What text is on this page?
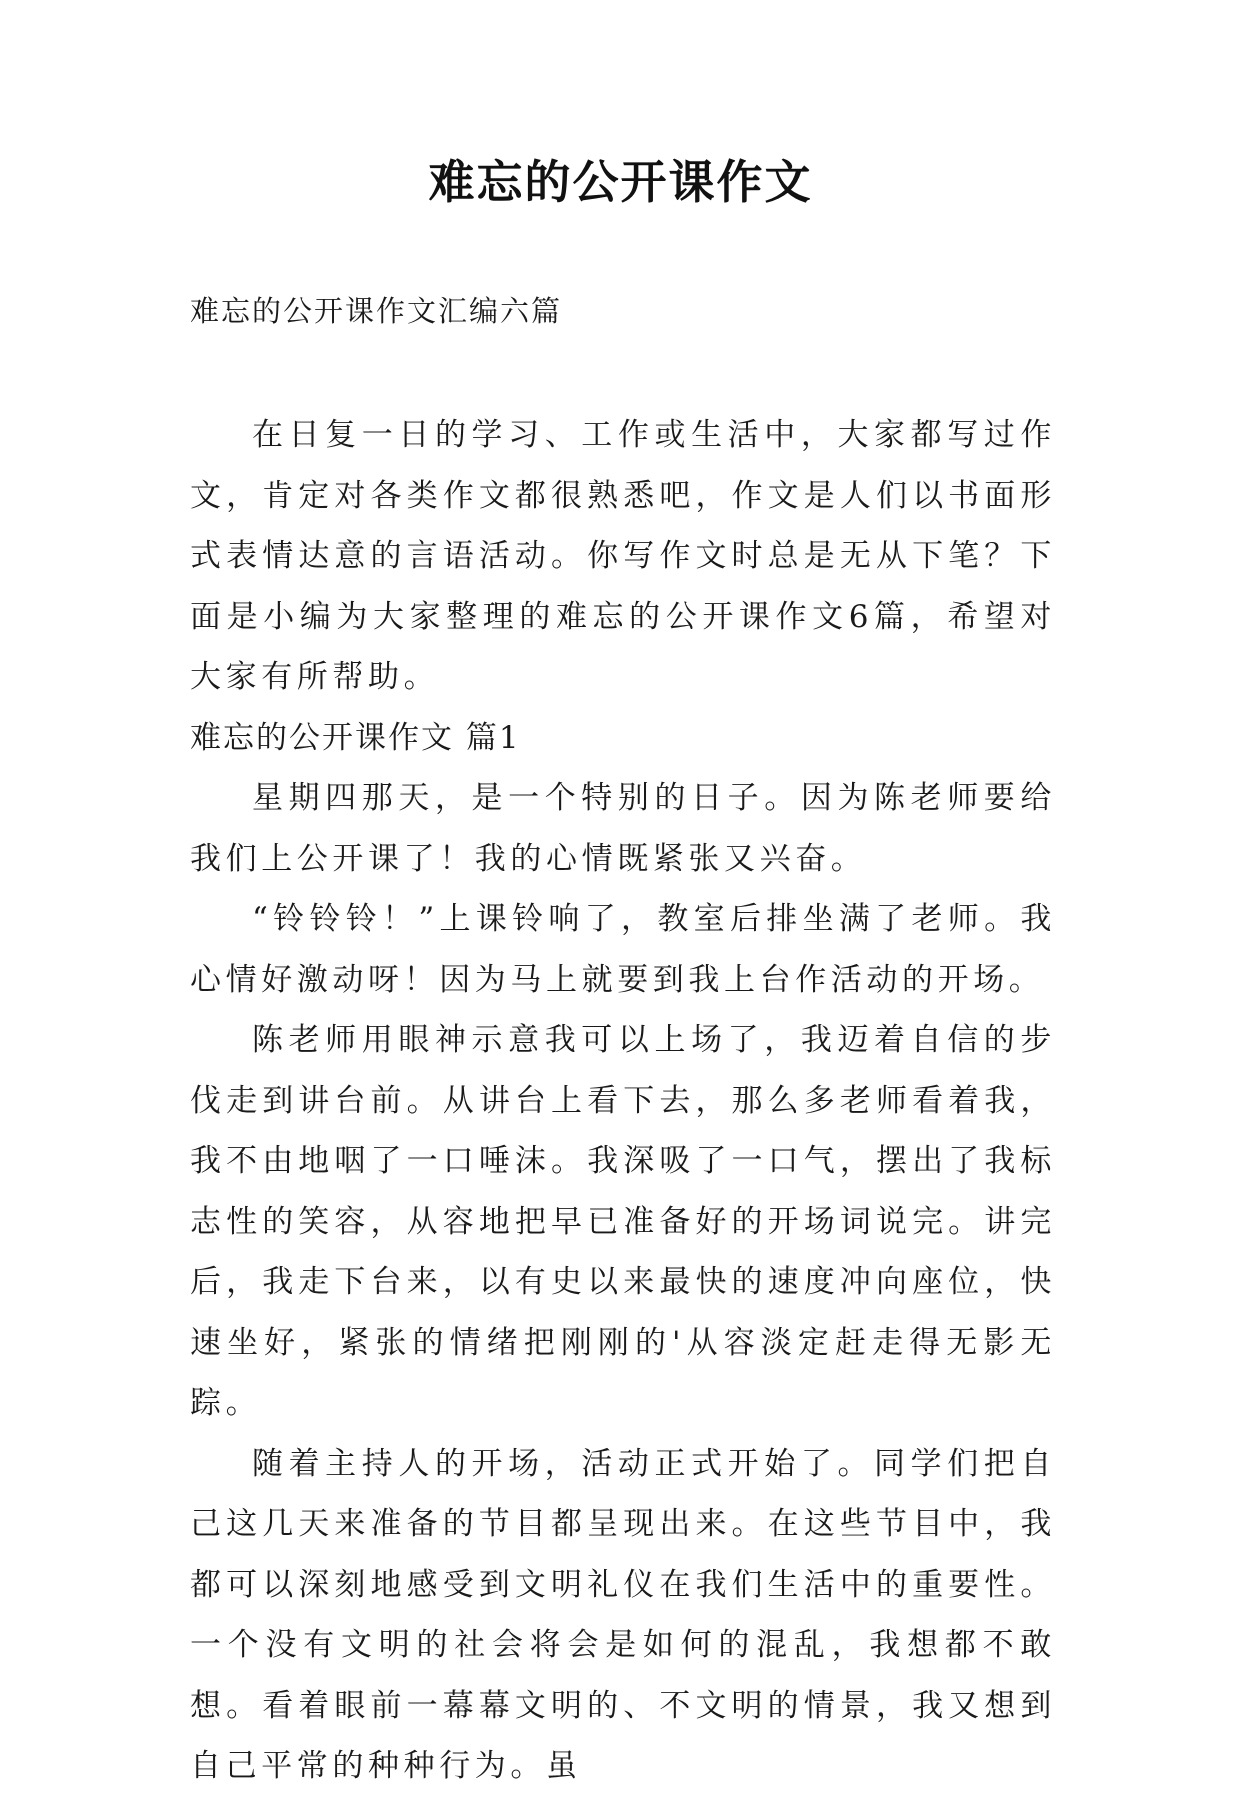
难忘的公开课作文

难忘的公开课作文汇编六篇

在日复一日的学习、工作或生活中，大家都写过作文，肯定对各类作文都很熟悉吧，作文是人们以书面形式表情达意的言语活动。你写作文时总是无从下笔？下面是小编为大家整理的难忘的公开课作文6篇，希望对大家有所帮助。

难忘的公开课作文 篇1

星期四那天，是一个特别的日子。因为陈老师要给我们上公开课了！我的心情既紧张又兴奋。

“铃铃铃！”上课铃响了，教室后排坐满了老师。我心情好激动呀！因为马上就要到我上台作活动的开场。

陈老师用眼神示意我可以上场了，我迈着自信的步伐走到讲台前。从讲台上看下去，那么多老师看着我，我不由地咽了一口唾沫。我深吸了一口气，摆出了我标志性的笑容，从容地把早已准备好的开场词说完。讲完后，我走下台来，以有史以来最快的速度冲向座位，快速坐好，紧张的情绪把刚刚的'从容淡定赶走得无影无踪。

随着主持人的开场，活动正式开始了。同学们把自己这几天来准备的节目都呈现出来。在这些节目中，我都可以深刻地感受到文明礼仪在我们生活中的重要性。一个没有文明的社会将会是如何的混乱，我想都不敢想。看着眼前一幕幕文明的、不文明的情景，我又想到自己平常的种种行为。虽
